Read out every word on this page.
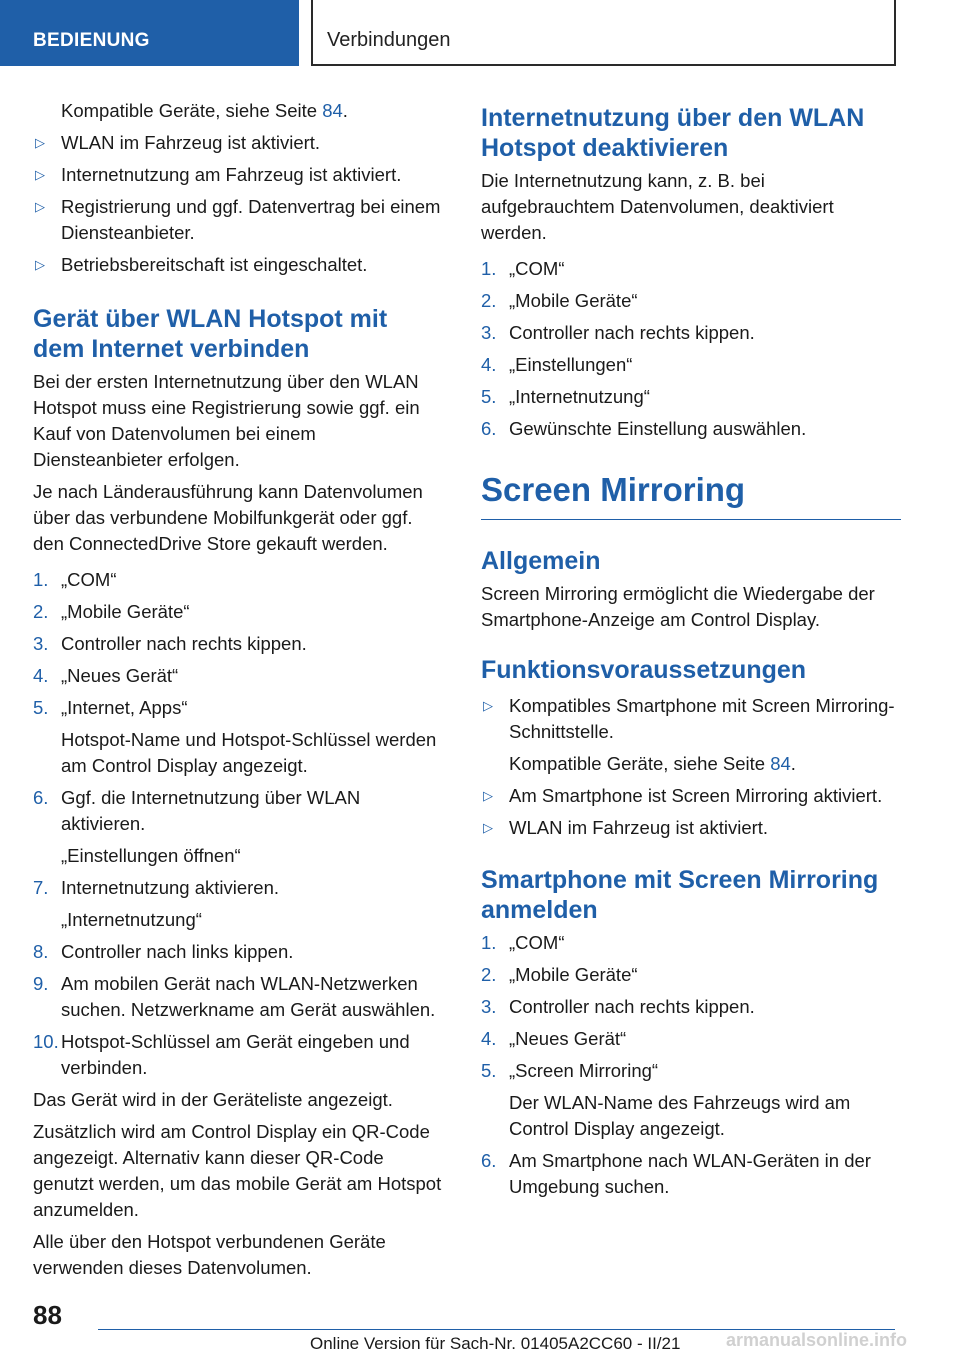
BEDIENUNG	Verbindungen

Kompatible Geräte, siehe Seite 84.

▷ WLAN im Fahrzeug ist aktiviert.
▷ Internetnutzung am Fahrzeug ist aktiviert.
▷ Registrierung und ggf. Datenvertrag bei einem Diensteanbieter.
▷ Betriebsbereitschaft ist eingeschaltet.
Gerät über WLAN Hotspot mit dem Internet verbinden

Bei der ersten Internetnutzung über den WLAN Hotspot muss eine Registrierung sowie ggf. ein Kauf von Datenvolumen bei einem Diensteanbieter erfolgen.

Je nach Länderausführung kann Datenvolumen über das verbundene Mobilfunkgerät oder ggf. den ConnectedDrive Store gekauft werden.

1. „COM“
2. „Mobile Geräte“
3. Controller nach rechts kippen.
4. „Neues Gerät“
5. „Internet, Apps“
Hotspot-Name und Hotspot-Schlüssel werden am Control Display angezeigt.
6. Ggf. die Internetnutzung über WLAN aktivieren.
„Einstellungen öffnen“
7. Internetnutzung aktivieren.
„Internetnutzung“
8. Controller nach links kippen.
9. Am mobilen Gerät nach WLAN-Netzwerken suchen. Netzwerkname am Gerät auswählen.
10. Hotspot-Schlüssel am Gerät eingeben und verbinden.

Das Gerät wird in der Geräteliste angezeigt.

Zusätzlich wird am Control Display ein QR-Code angezeigt. Alternativ kann dieser QR-Code genutzt werden, um das mobile Gerät am Hotspot anzumelden.

Alle über den Hotspot verbundenen Geräte verwenden dieses Datenvolumen.

Internetnutzung über den WLAN Hotspot deaktivieren

Die Internetnutzung kann, z. B. bei aufgebrauchtem Datenvolumen, deaktiviert werden.

1. „COM“
2. „Mobile Geräte“
3. Controller nach rechts kippen.
4. „Einstellungen“
5. „Internetnutzung“
6. Gewünschte Einstellung auswählen.
Screen Mirroring
Allgemein

Screen Mirroring ermöglicht die Wiedergabe der Smartphone-Anzeige am Control Display.

Funktionsvoraussetzungen
▷ Kompatibles Smartphone mit Screen Mirroring-Schnittstelle.
Kompatible Geräte, siehe Seite 84.
▷ Am Smartphone ist Screen Mirroring aktiviert.
▷ WLAN im Fahrzeug ist aktiviert.
Smartphone mit Screen Mirroring anmelden
1. „COM“
2. „Mobile Geräte“
3. Controller nach rechts kippen.
4. „Neues Gerät“
5. „Screen Mirroring“
Der WLAN-Name des Fahrzeugs wird am Control Display angezeigt.
6. Am Smartphone nach WLAN-Geräten in der Umgebung suchen.
88
Online Version für Sach-Nr. 01405A2CC60 - II/21	armanualsonline.info
